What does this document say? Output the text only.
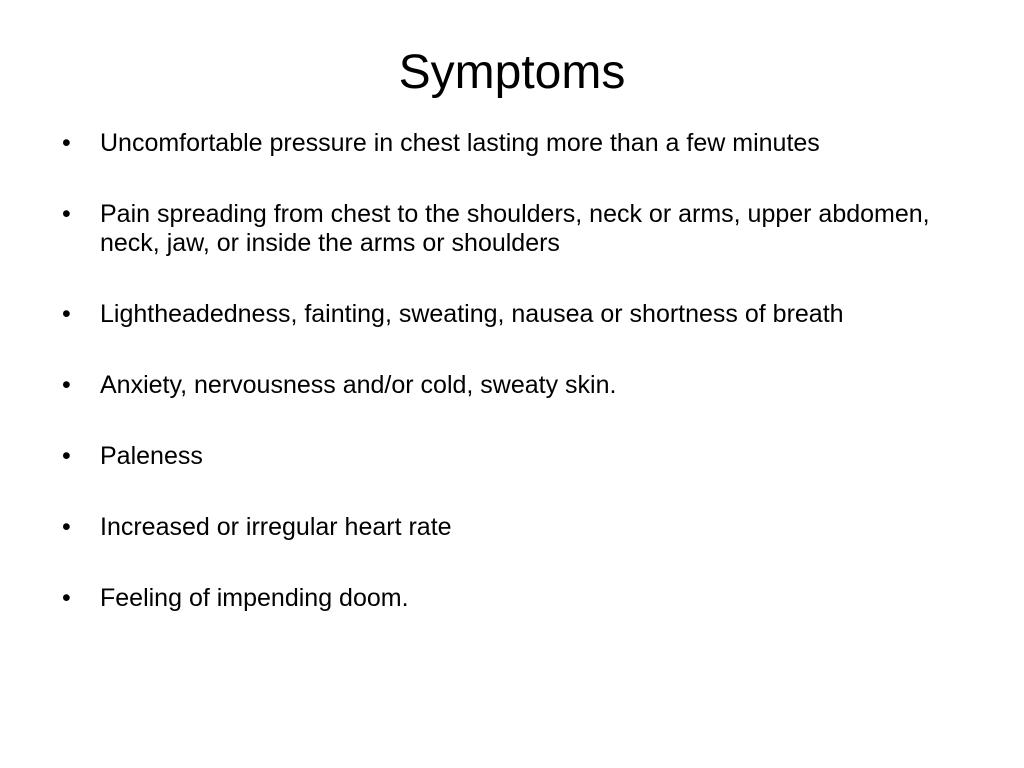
Symptoms
•	Uncomfortable pressure in chest lasting more than a few minutes
•	Pain spreading from chest to the shoulders, neck or arms, upper abdomen, neck, jaw, or inside the arms or shoulders
•	Lightheadedness, fainting, sweating, nausea or shortness of breath
•	Anxiety, nervousness and/or cold, sweaty skin.
•	Paleness
•	Increased or irregular heart rate
•	Feeling of impending doom.
